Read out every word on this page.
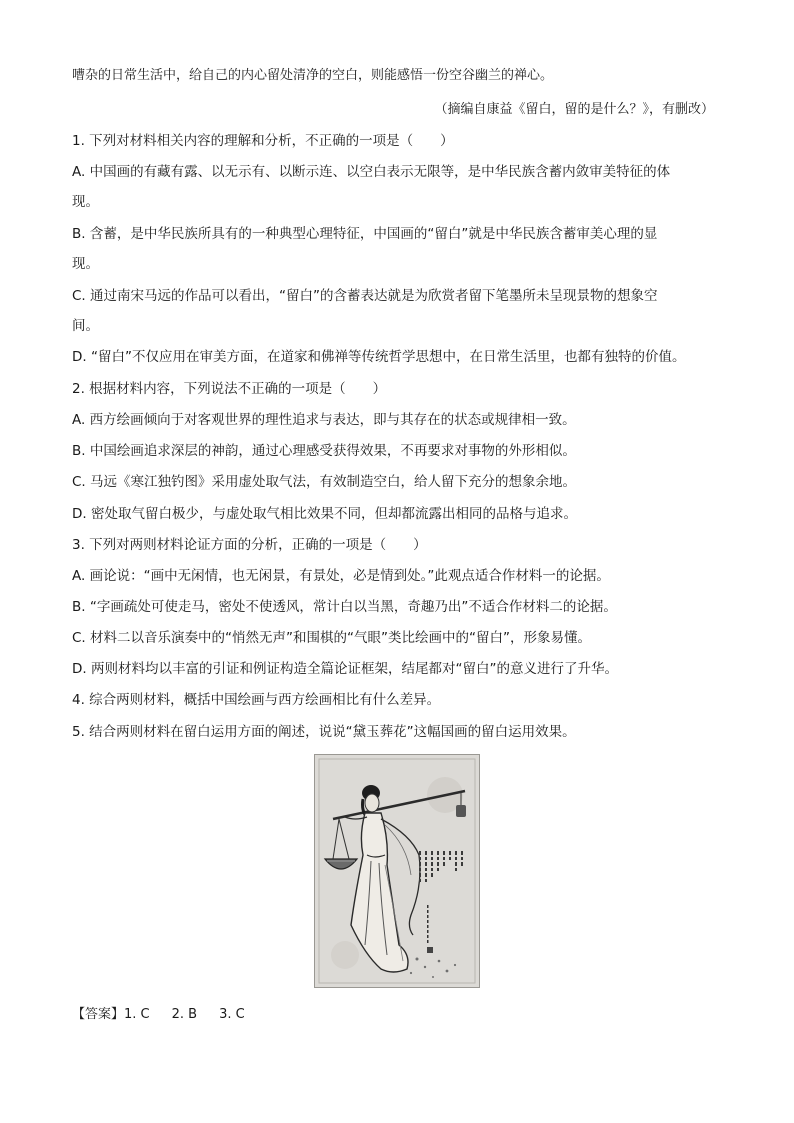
嘈杂的日常生活中，给自己的内心留处清净的空白，则能感悟一份空谷幽兰的禅心。
（摘编自康益《留白，留的是什么？》，有删改）
1. 下列对材料相关内容的理解和分析，不正确的一项是（　　）
A. 中国画的有藏有露、以无示有、以断示连、以空白表示无限等，是中华民族含蓄内敛审美特征的体
现。
B. 含蓄，是中华民族所具有的一种典型心理特征，中国画的“留白”就是中华民族含蓄审美心理的显
现。
C. 通过南宋马远的作品可以看出，“留白”的含蓄表达就是为欣赏者留下笔墨所未呈现景物的想象空
间。
D. “留白”不仅应用在审美方面，在道家和佛禅等传统哲学思想中，在日常生活里，也都有独特的价值。
2. 根据材料内容，下列说法不正确的一项是（　　）
A. 西方绘画倾向于对客观世界的理性追求与表达，即与其存在的状态或规律相一致。
B. 中国绘画追求深层的神韵，通过心理感受获得效果，不再要求对事物的外形相似。
C. 马远《寒江独钓图》采用虚处取气法，有效制造空白，给人留下充分的想象余地。
D. 密处取气留白极少，与虚处取气相比效果不同，但却都流露出相同的品格与追求。
3. 下列对两则材料论证方面的分析，正确的一项是（　　）
A. 画论说：“画中无闲情，也无闲景，有景处，必是情到处。”此观点适合作材料一的论据。
B. “字画疏处可使走马，密处不使透风，常计白以当黑，奇趣乃出”不适合作材料二的论据。
C. 材料二以音乐演奏中的“悄然无声”和围棋的“气眼”类比绘画中的“留白”，形象易懂。
D. 两则材料均以丰富的引证和例证构造全篇论证框架，结尾都对“留白”的意义进行了升华。
4. 综合两则材料，概括中国绘画与西方绘画相比有什么差异。
5. 结合两则材料在留白运用方面的阐述，说说“黛玉葬花”这幅国画的留白运用效果。
【答案】1. C 2. B 3. C
